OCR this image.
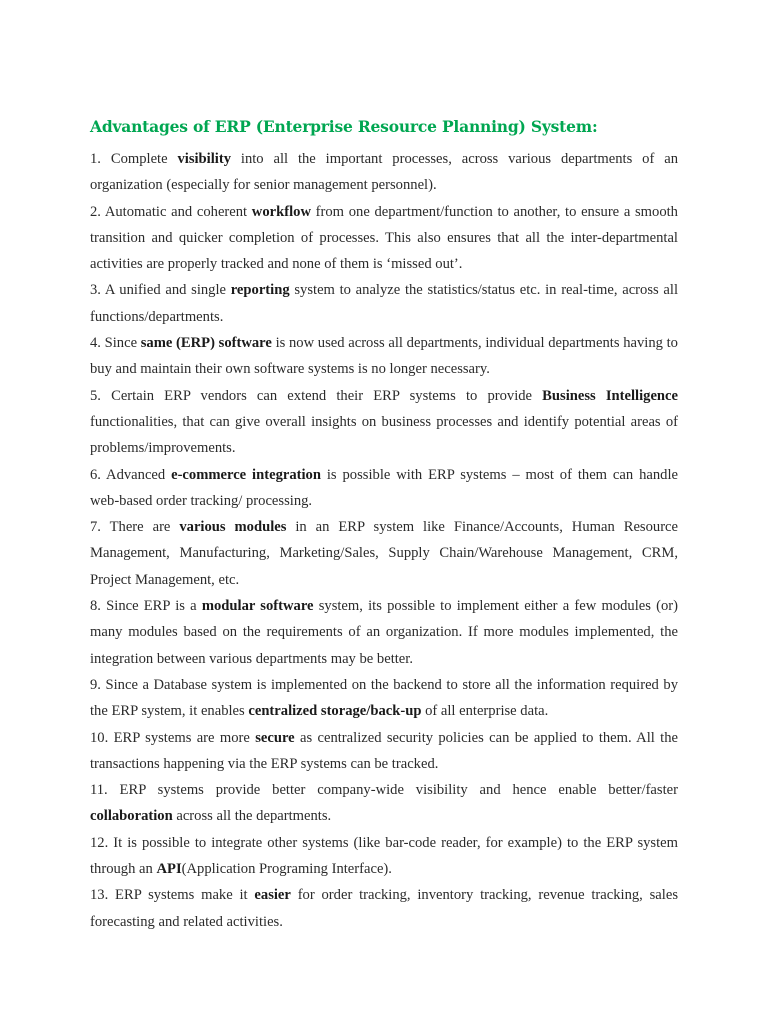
Advantages of ERP (Enterprise Resource Planning) System:

1. Complete visibility into all the important processes, across various departments of an organization (especially for senior management personnel).

2. Automatic and coherent workflow from one department/function to another, to ensure a smooth transition and quicker completion of processes. This also ensures that all the inter-departmental activities are properly tracked and none of them is ‘missed out’.

3. A unified and single reporting system to analyze the statistics/status etc. in real-time, across all functions/departments.

4. Since same (ERP) software is now used across all departments, individual departments having to buy and maintain their own software systems is no longer necessary.

5. Certain ERP vendors can extend their ERP systems to provide Business Intelligence functionalities, that can give overall insights on business processes and identify potential areas of problems/improvements.

6. Advanced e-commerce integration is possible with ERP systems – most of them can handle web-based order tracking/ processing.

7. There are various modules in an ERP system like Finance/Accounts, Human Resource Management, Manufacturing, Marketing/Sales, Supply Chain/Warehouse Management, CRM, Project Management, etc.

8. Since ERP is a modular software system, its possible to implement either a few modules (or) many modules based on the requirements of an organization. If more modules implemented, the integration between various departments may be better.

9. Since a Database system is implemented on the backend to store all the information required by the ERP system, it enables centralized storage/back-up of all enterprise data.

10. ERP systems are more secure as centralized security policies can be applied to them. All the transactions happening via the ERP systems can be tracked.

11. ERP systems provide better company-wide visibility and hence enable better/faster collaboration across all the departments.

12. It is possible to integrate other systems (like bar-code reader, for example) to the ERP system through an API(Application Programing Interface).

13. ERP systems make it easier for order tracking, inventory tracking, revenue tracking, sales forecasting and related activities.
